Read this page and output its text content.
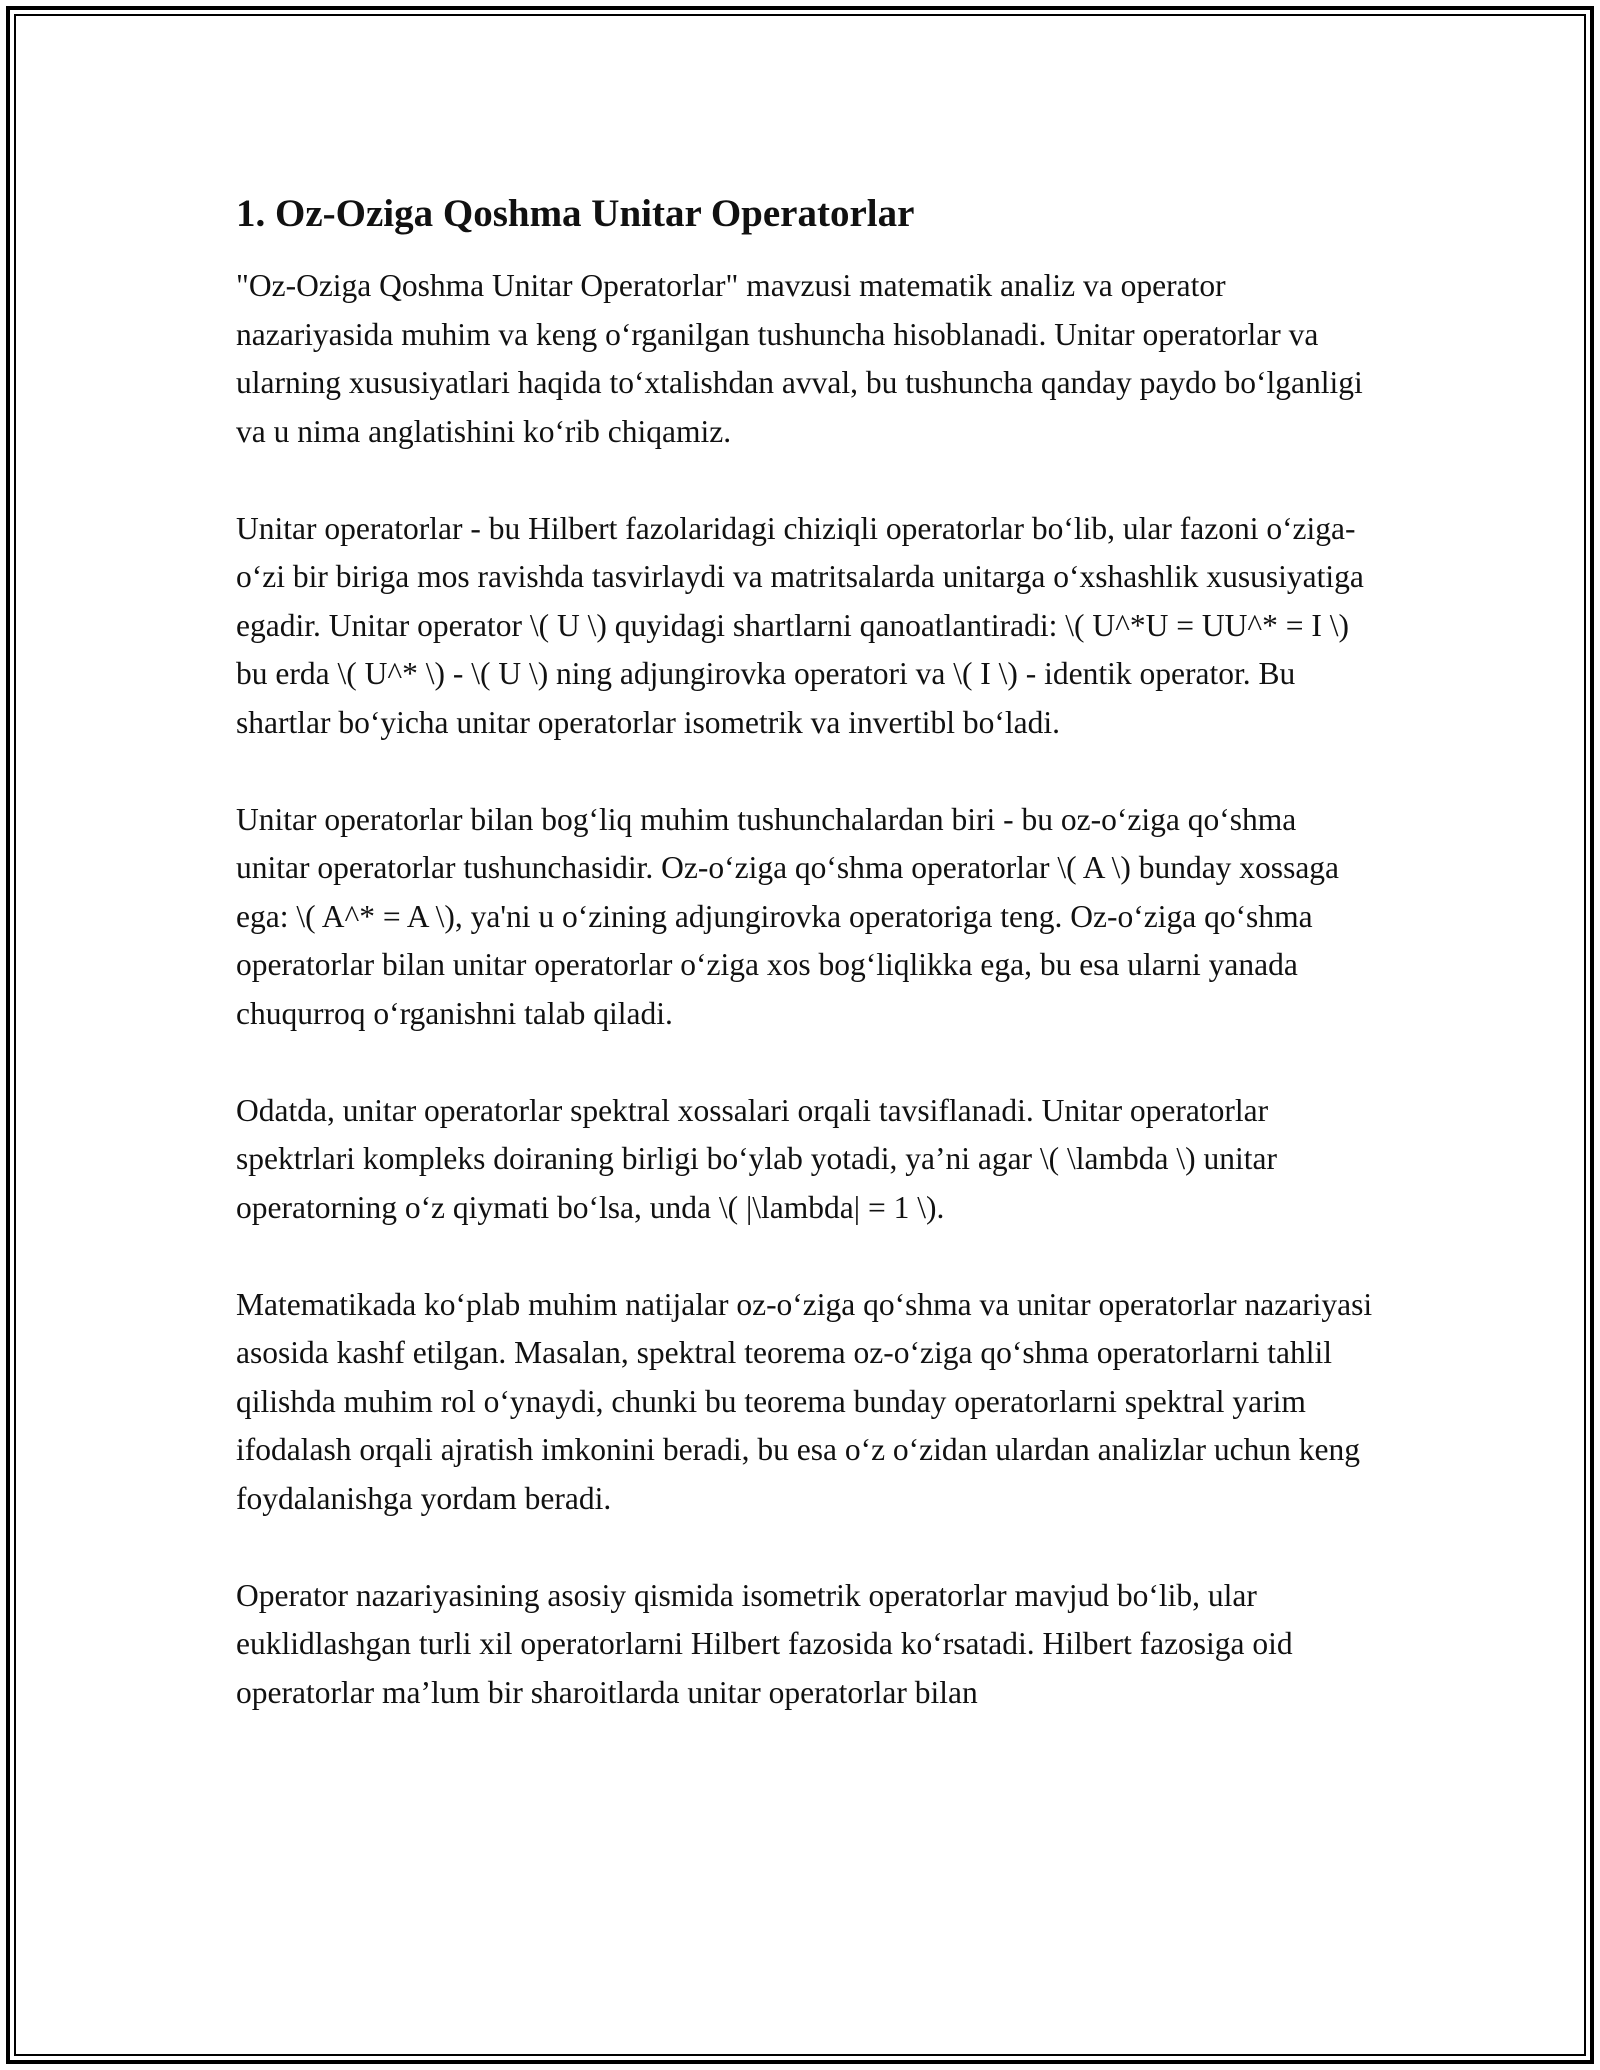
1. Oz-Oziga Qoshma Unitar Operatorlar

"Oz-Oziga Qoshma Unitar Operatorlar" mavzusi matematik analiz va operator nazariyasida muhim va keng o‘rganilgan tushuncha hisoblanadi. Unitar operatorlar va ularning xususiyatlari haqida to‘xtalishdan avval, bu tushuncha qanday paydo bo‘lganligi va u nima anglatishini ko‘rib chiqamiz.

Unitar operatorlar - bu Hilbert fazolaridagi chiziqli operatorlar bo‘lib, ular fazoni o‘ziga-o‘zi bir biriga mos ravishda tasvirlaydi va matritsalarda unitarga o‘xshashlik xususiyatiga egadir. Unitar operator \( U \) quyidagi shartlarni qanoatlantiradi: \( U^*U = UU^* = I \) bu erda \( U^* \) - \( U \) ning adjungirovka operatori va \( I \) - identik operator. Bu shartlar bo‘yicha unitar operatorlar isometrik va invertibl bo‘ladi.

Unitar operatorlar bilan bog‘liq muhim tushunchalardan biri - bu oz-o‘ziga qo‘shma unitar operatorlar tushunchasidir. Oz-o‘ziga qo‘shma operatorlar \( A \) bunday xossaga ega: \( A^* = A \), ya'ni u o‘zining adjungirovka operatoriga teng. Oz-o‘ziga qo‘shma operatorlar bilan unitar operatorlar o‘ziga xos bog‘liqlikka ega, bu esa ularni yanada chuqurroq o‘rganishni talab qiladi.

Odatda, unitar operatorlar spektral xossalari orqali tavsiflanadi. Unitar operatorlar spektrlari kompleks doiraning birligi bo‘ylab yotadi, ya’ni agar \( \lambda \) unitar operatorning o‘z qiymati bo‘lsa, unda \( |\lambda| = 1 \).

Matematikada ko‘plab muhim natijalar oz-o‘ziga qo‘shma va unitar operatorlar nazariyasi asosida kashf etilgan. Masalan, spektral teorema oz-o‘ziga qo‘shma operatorlarni tahlil qilishda muhim rol o‘ynaydi, chunki bu teorema bunday operatorlarni spektral yarim ifodalash orqali ajratish imkonini beradi, bu esa o‘z o‘zidan ulardan analizlar uchun keng foydalanishga yordam beradi.

Operator nazariyasining asosiy qismida isometrik operatorlar mavjud bo‘lib, ular euklidlashgan turli xil operatorlarni Hilbert fazosida ko‘rsatadi. Hilbert fazosiga oid operatorlar ma’lum bir sharoitlarda unitar operatorlar bilan
